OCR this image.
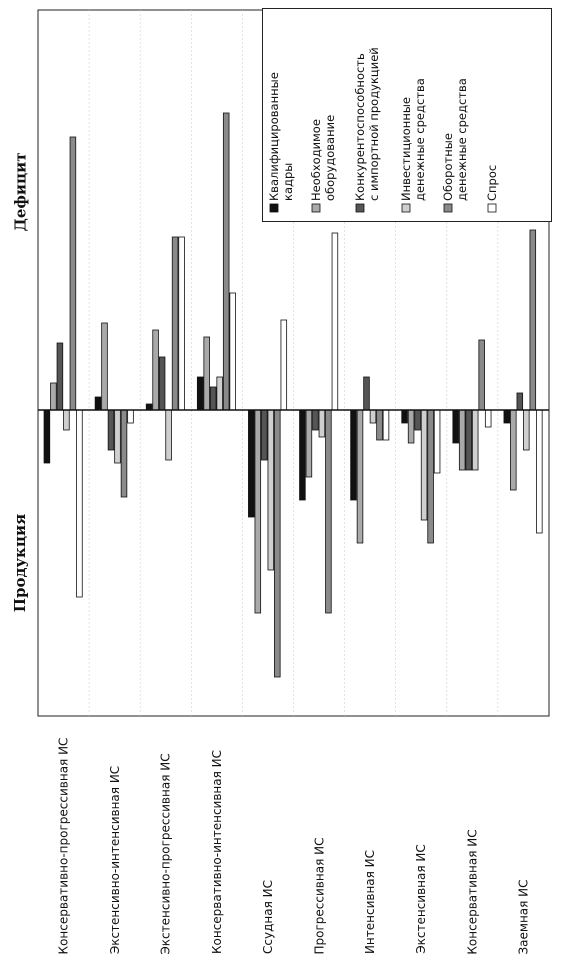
Продукция
Дефицит
Консервативно-прогрессивная ИС	Экстенсивно-интенсивная ИС	Экстенсивно-прогрессивная ИС	Консервативно-интенсивная ИС	Ссудная ИС	Прогрессивная ИС	Интенсивная ИС	Экстенсивная ИС	Консервативная ИС	Заемная ИС
Квалифицированныекадры Необходимоеоборудование Конкурентоспособностьс импортной продукцией Инвестиционныеденежные средства Оборотныеденежные средства Спрос
